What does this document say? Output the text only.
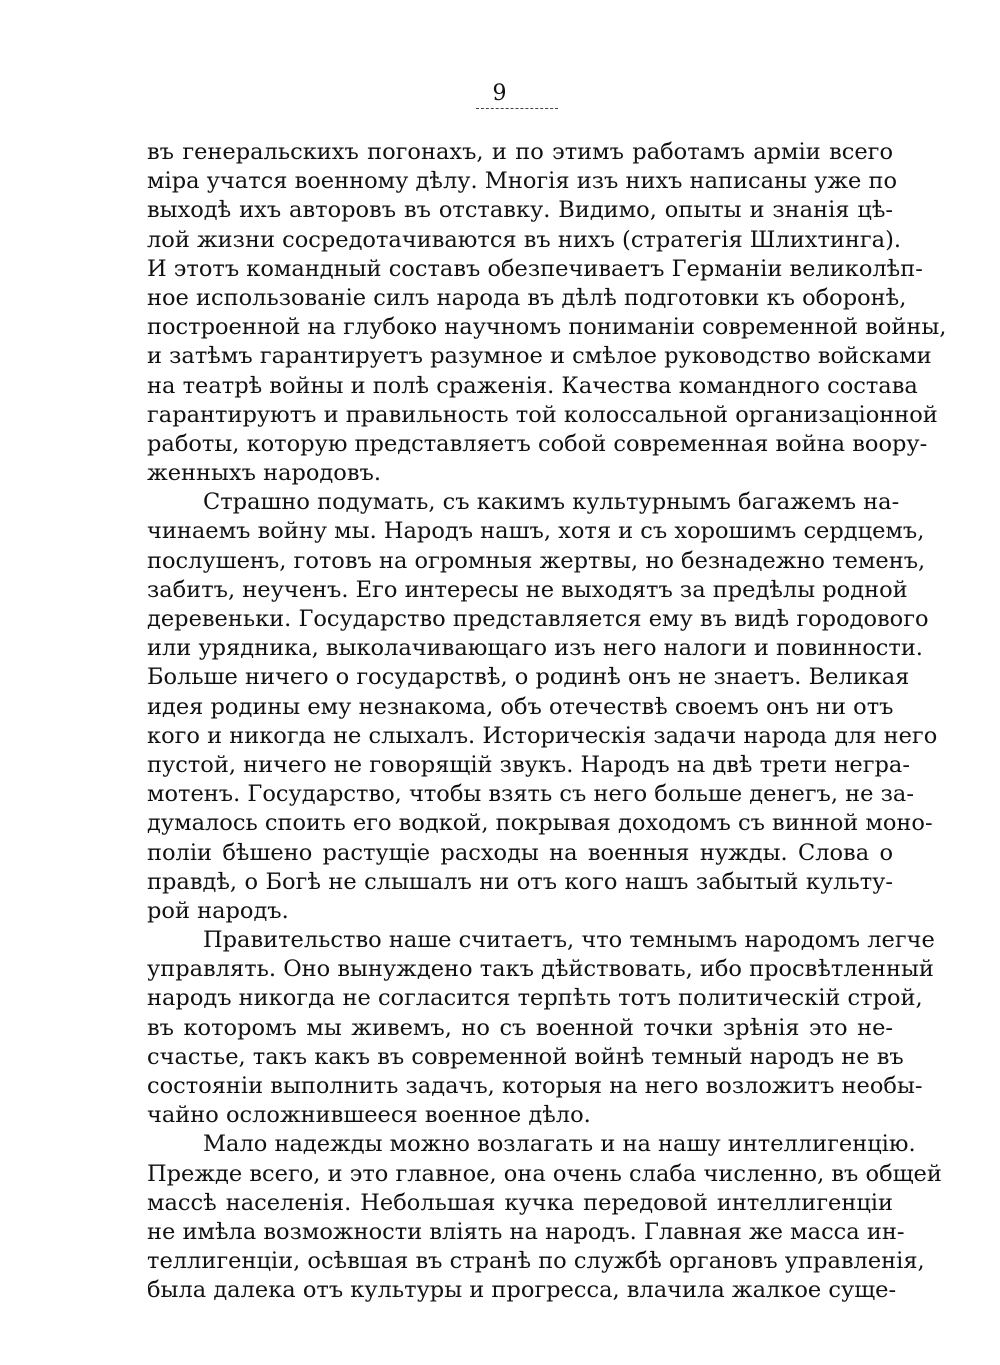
9
въ генеральскихъ погонахъ, и по этимъ работамъ арміи всего
міра учатся военному дѣлу. Многія изъ нихъ написаны уже по
выходѣ ихъ авторовъ въ отставку. Видимо, опыты и знанія цѣ-
лой жизни сосредотачиваются въ нихъ (стратегія Шлихтинга).
И этотъ командный составъ обезпечиваетъ Германіи великолѣп-
ное использованіе силъ народа въ дѣлѣ подготовки къ оборонѣ,
построенной на глубоко научномъ пониманіи современной войны,
и затѣмъ гарантируетъ разумное и смѣлое руководство войсками
на театрѣ войны и полѣ сраженія. Качества командного состава
гарантируютъ и правильность той колоссальной организаціонной
работы, которую представляетъ собой современная война воору-
женныхъ народовъ.
Страшно подумать, съ какимъ культурнымъ багажемъ на-
чинаемъ войну мы. Народъ нашъ, хотя и съ хорошимъ сердцемъ,
послушенъ, готовъ на огромныя жертвы, но безнадежно теменъ,
забитъ, неученъ. Его интересы не выходятъ за предѣлы родной
деревеньки. Государство представляется ему въ видѣ городового
или урядника, выколачивающаго изъ него налоги и повинности.
Больше ничего о государствѣ, о родинѣ онъ не знаетъ. Великая
идея родины ему незнакома, объ отечествѣ своемъ онъ ни отъ
кого и никогда не слыхалъ. Историческія задачи народа для него
пустой, ничего не говорящій звукъ. Народъ на двѣ трети негра-
мотенъ. Государство, чтобы взять съ него больше денегъ, не за-
думалось споить его водкой, покрывая доходомъ съ винной моно-
поліи бѣшено растущіе расходы на военныя нужды. Слова о
правдѣ, о Богѣ не слышалъ ни отъ кого нашъ забытый культу-
рой народъ.
Правительство наше считаетъ, что темнымъ народомъ легче
управлять. Оно вынуждено такъ дѣйствовать, ибо просвѣтленный
народъ никогда не согласится терпѣть тотъ политическій строй,
въ которомъ мы живемъ, но съ военной точки зрѣнія это не-
счастье, такъ какъ въ современной войнѣ темный народъ не въ
состояніи выполнить задачъ, которыя на него возложитъ необы-
чайно осложнившееся военное дѣло.
Мало надежды можно возлагать и на нашу интеллигенцію.
Прежде всего, и это главное, она очень слаба численно, въ общей
массѣ населенія. Небольшая кучка передовой интеллигенціи
не имѣла возможности вліять на народъ. Главная же масса ин-
теллигенціи, осѣвшая въ странѣ по службѣ органовъ управленія,
была далека отъ культуры и прогресса, влачила жалкое суще-
